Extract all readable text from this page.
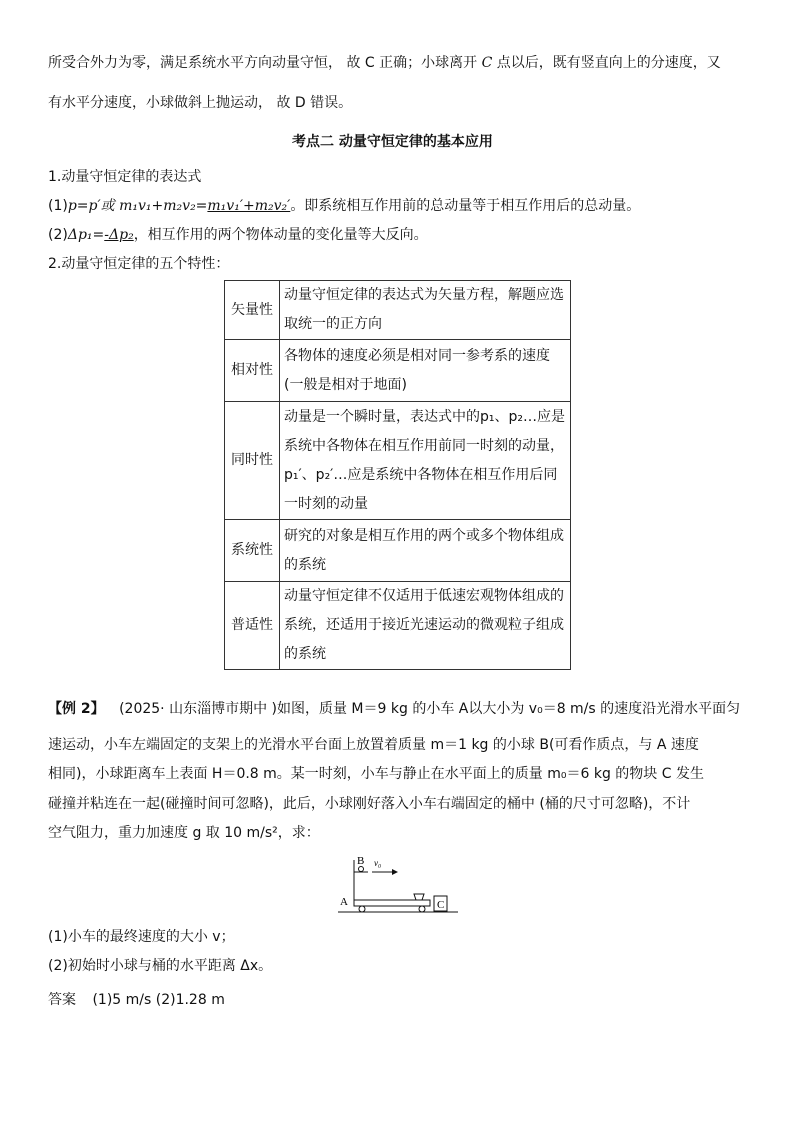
所受合外力为零，满足系统水平方向动量守恒， 故 C 正确；小球离开 C 点以后，既有竖直向上的分速度，又
有水平分速度，小球做斜上抛运动， 故 D 错误。
考点二 动量守恒定律的基本应用
1.动量守恒定律的表达式
(1)p=p′或 m₁v₁+m₂v₂=m₁v₁′+m₂v₂′。即系统相互作用前的总动量等于相互作用后的总动量。
(2)Δp₁=-Δp₂，相互作用的两个物体动量的变化量等大反向。
2.动量守恒定律的五个特性：
矢量性	动量守恒定律的表达式为矢量方程，解题应选取统一的正方向
相对性	各物体的速度必须是相对同一参考系的速度(一般是相对于地面)
同时性	动量是一个瞬时量，表达式中的p₁、p₂…应是系统中各物体在相互作用前同一时刻的动量，p₁′、p₂′…应是系统中各物体在相互作用后同一时刻的动量
系统性	研究的对象是相互作用的两个或多个物体组成的系统
普适性	动量守恒定律不仅适用于低速宏观物体组成的系统，还适用于接近光速运动的微观粒子组成的系统
【例 2】 (2025· 山东淄博市期中 )如图，质量 M＝9 kg 的小车 A以大小为 v₀＝8 m/s 的速度沿光滑水平面匀
速运动，小车左端固定的支架上的光滑水平台面上放置着质量 m＝1 kg 的小球 B(可看作质点，与 A 速度
相同)，小球距离车上表面 H＝0.8 m。某一时刻，小车与静止在水平面上的质量 m₀＝6 kg 的物块 C 发生
碰撞并粘连在一起(碰撞时间可忽略)，此后，小球刚好落入小车右端固定的桶中 (桶的尺寸可忽略)，不计
空气阻力，重力加速度 g 取 10 m/s²，求：
B v₀
A	C
(1)小车的最终速度的大小 v；
(2)初始时小球与桶的水平距离 Δx。
答案 (1)5 m/s (2)1.28 m
